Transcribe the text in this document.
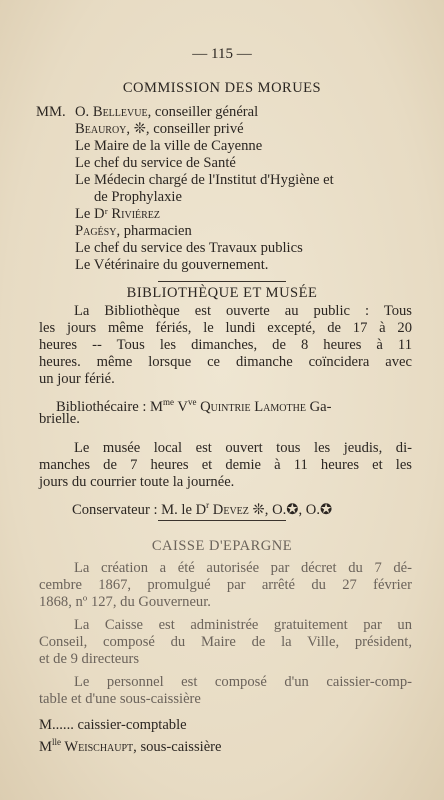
— 115 —
COMMISSION DES MORUES
MM. O. Bellevue, conseiller général
Beauroy, ❊, conseiller privé
Le Maire de la ville de Cayenne
Le chef du service de Santé
Le Médecin chargé de l'Institut d'Hygiène et
de Prophylaxie
Le Dʳ Riviérez
Pagésy, pharmacien
Le chef du service des Travaux publics
Le Vétérinaire du gouvernement.
BIBLIOTHÈQUE ET MUSÉE
La Bibliothèque est ouverte au public : Tous
les jours même fériés, le lundi excepté, de 17 à 20
heures -- Tous les dimanches, de 8 heures à 11
heures. même lorsque ce dimanche coïncidera avec
un jour férié.
Bibliothécaire : $M^{me}$ $V^{ve}$ Quintrie Lamothe Ga-
brielle.
Le musée local est ouvert tous les jeudis, di-
manches de 7 heures et demie à 11 heures et les
jours du courrier toute la journée.
Conservateur : M. le $D^r$ Devez ❊, O.✪, O.✪
CAISSE D'EPARGNE
La création a été autorisée par décret du 7 dé-
cembre 1867, promulgué par arrêté du 27 février
1868, nº 127, du Gouverneur.
La Caisse est administrée gratuitement par un
Conseil, composé du Maire de la Ville, président,
et de 9 directeurs
Le personnel est composé d'un caissier-comp-
table et d'une sous-caissière
M...... caissier-comptable
$M^{lle}$ Weischaupt, sous-caissière
